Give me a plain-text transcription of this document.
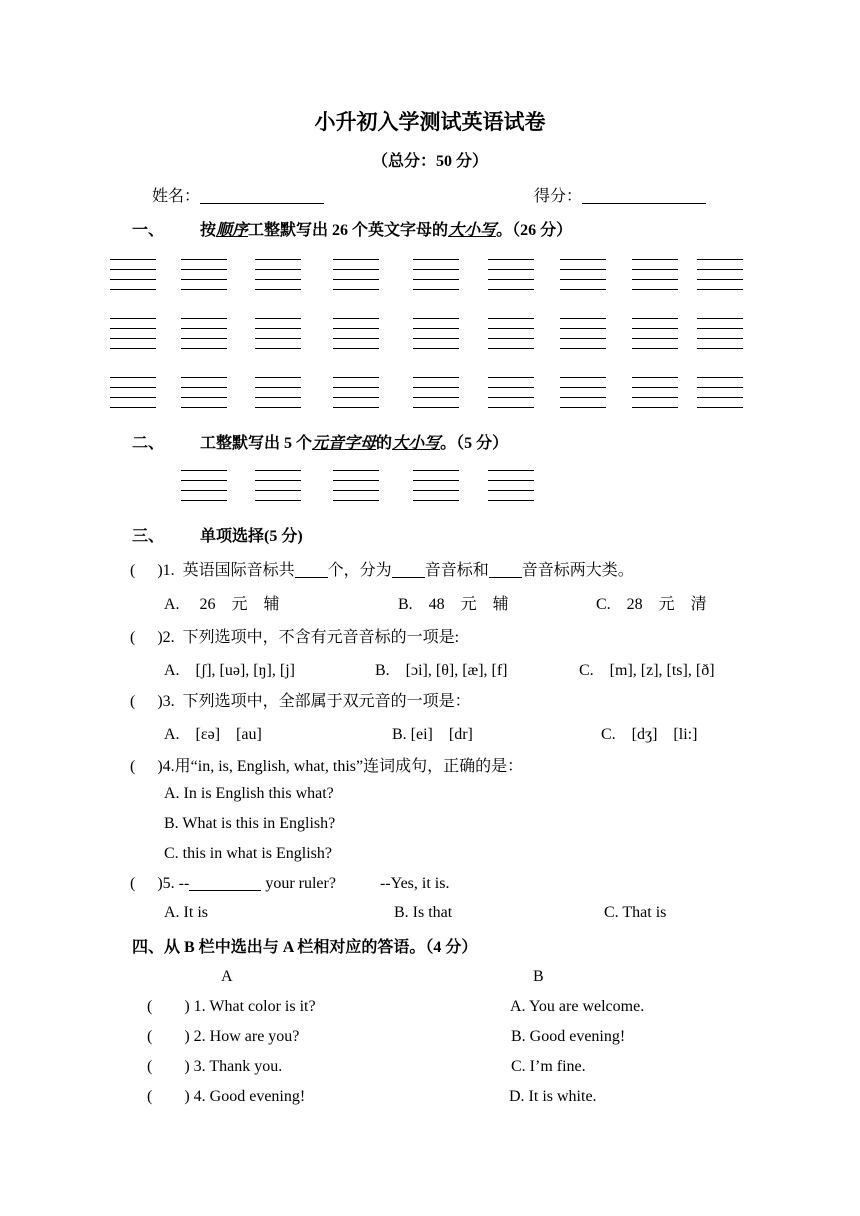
小升初入学测试英语试卷
（总分：50 分）
姓名：	得分：
一、 按顺序工整默写出 26 个英文字母的大小写。（26 分）
二、 工整默写出 5 个元音字母的大小写。（5 分）
三、 单项选择(5 分)
( )1. 英语国际音标共 个，分为 音音标和 音音标两大类。
A.　 26　元　辅	B.　48　元　辅	C.　28　元　清
( )2. 下列选项中，不含有元音音标的一项是:
A.　[ʃ], [uə], [ŋ], [j]	B.　[ɔi], [θ], [æ], [f]	C.　[m], [z], [ts], [ð]
( )3. 下列选项中，全部属于双元音的一项是：
A.　[εə]　[au]	B. [ei]　[dr]	C.　[dʒ]　[li:]
( )4.用“in, is, English, what, this”连词成句，正确的是：
A. In is English this what?
B. What is this in English?
C. this in what is English?
( )5. --	your ruler?	--Yes, it is.
A. It is	B. Is that	C. That is
四、从 B 栏中选出与 A 栏相对应的答语。（4 分）
A	B
( ) 1. What color is it?	A. You are welcome.
( ) 2. How are you?	B. Good evening!
( ) 3. Thank you.	C. I’m fine.
( ) 4. Good evening!	D. It is white.
